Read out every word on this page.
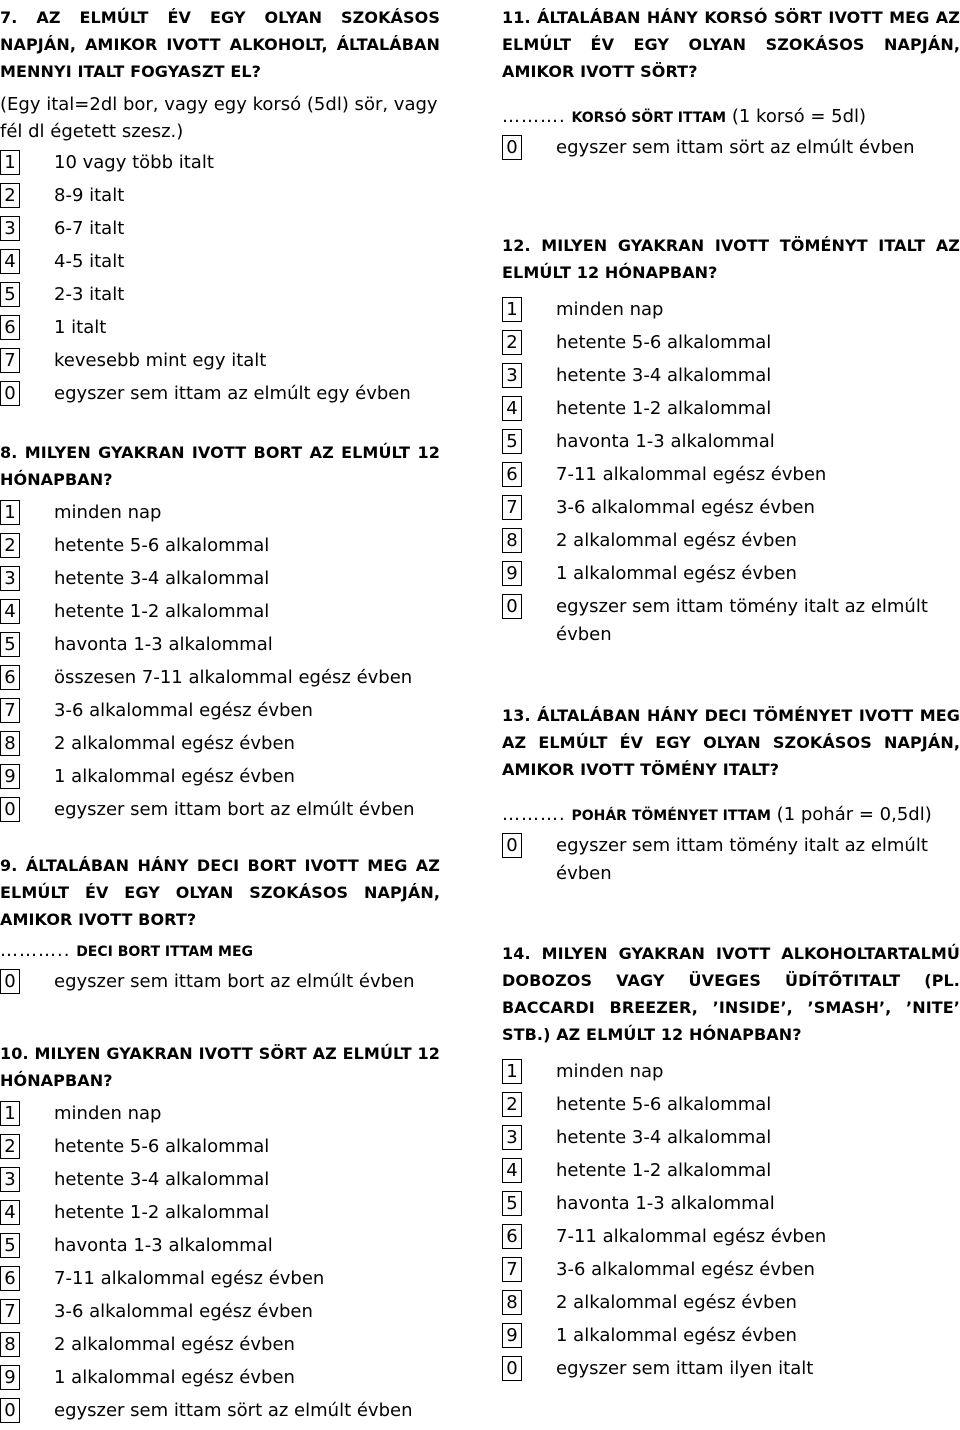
7. AZ ELMÚLT ÉV EGY OLYAN SZOKÁSOS NAPJÁN, AMIKOR IVOTT ALKOHOLT, ÁLTALÁBAN MENNYI ITALT FOGYASZT EL?

(Egy ital=2dl bor, vagy egy korsó (5dl) sör, vagy fél dl égetett szesz.)

1 10 vagy több italt
2 8-9 italt
3 6-7 italt
4 4-5 italt
5 2-3 italt
6 1 italt
7 kevesebb mint egy italt
0 egyszer sem ittam az elmúlt egy évben

8. MILYEN GYAKRAN IVOTT BORT AZ ELMÚLT 12 HÓNAPBAN?

1 minden nap
2 hetente 5-6 alkalommal
3 hetente 3-4 alkalommal
4 hetente 1-2 alkalommal
5 havonta 1-3 alkalommal
6 összesen 7-11 alkalommal egész évben
7 3-6 alkalommal egész évben
8 2 alkalommal egész évben
9 1 alkalommal egész évben
0 egyszer sem ittam bort az elmúlt évben

9. ÁLTALÁBAN HÁNY DECI BORT IVOTT MEG AZ ELMÚLT ÉV EGY OLYAN SZOKÁSOS NAPJÁN, AMIKOR IVOTT BORT?

……….. DECI BORT ITTAM MEG

0 egyszer sem ittam bort az elmúlt évben

10. MILYEN GYAKRAN IVOTT SÖRT AZ ELMÚLT 12 HÓNAPBAN?

1 minden nap
2 hetente 5-6 alkalommal
3 hetente 3-4 alkalommal
4 hetente 1-2 alkalommal
5 havonta 1-3 alkalommal
6 7-11 alkalommal egész évben
7 3-6 alkalommal egész évben
8 2 alkalommal egész évben
9 1 alkalommal egész évben
0 egyszer sem ittam sört az elmúlt évben

11. ÁLTALÁBAN HÁNY KORSÓ SÖRT IVOTT MEG AZ ELMÚLT ÉV EGY OLYAN SZOKÁSOS NAPJÁN, AMIKOR IVOTT SÖRT?

………. KORSÓ SÖRT ITTAM (1 korsó = 5dl)

0 egyszer sem ittam sört az elmúlt évben

12. MILYEN GYAKRAN IVOTT TÖMÉNYT ITALT AZ ELMÚLT 12 HÓNAPBAN?

1 minden nap
2 hetente 5-6 alkalommal
3 hetente 3-4 alkalommal
4 hetente 1-2 alkalommal
5 havonta 1-3 alkalommal
6 7-11 alkalommal egész évben
7 3-6 alkalommal egész évben
8 2 alkalommal egész évben
9 1 alkalommal egész évben
0 egyszer sem ittam tömény italt az elmúlt évben

13. ÁLTALÁBAN HÁNY DECI TÖMÉNYET IVOTT MEG AZ ELMÚLT ÉV EGY OLYAN SZOKÁSOS NAPJÁN, AMIKOR IVOTT TÖMÉNY ITALT?

………. POHÁR TÖMÉNYET ITTAM (1 pohár = 0,5dl)

0 egyszer sem ittam tömény italt az elmúlt évben

14. MILYEN GYAKRAN IVOTT ALKOHOLTARTALMÚ DOBOZOS VAGY ÜVEGES ÜDÍTŐTITALT (PL. BACCARDI BREEZER, ’INSIDE’, ’SMASH’, ’NITE’ STB.) AZ ELMÚLT 12 HÓNAPBAN?

1 minden nap
2 hetente 5-6 alkalommal
3 hetente 3-4 alkalommal
4 hetente 1-2 alkalommal
5 havonta 1-3 alkalommal
6 7-11 alkalommal egész évben
7 3-6 alkalommal egész évben
8 2 alkalommal egész évben
9 1 alkalommal egész évben
0 egyszer sem ittam ilyen italt
